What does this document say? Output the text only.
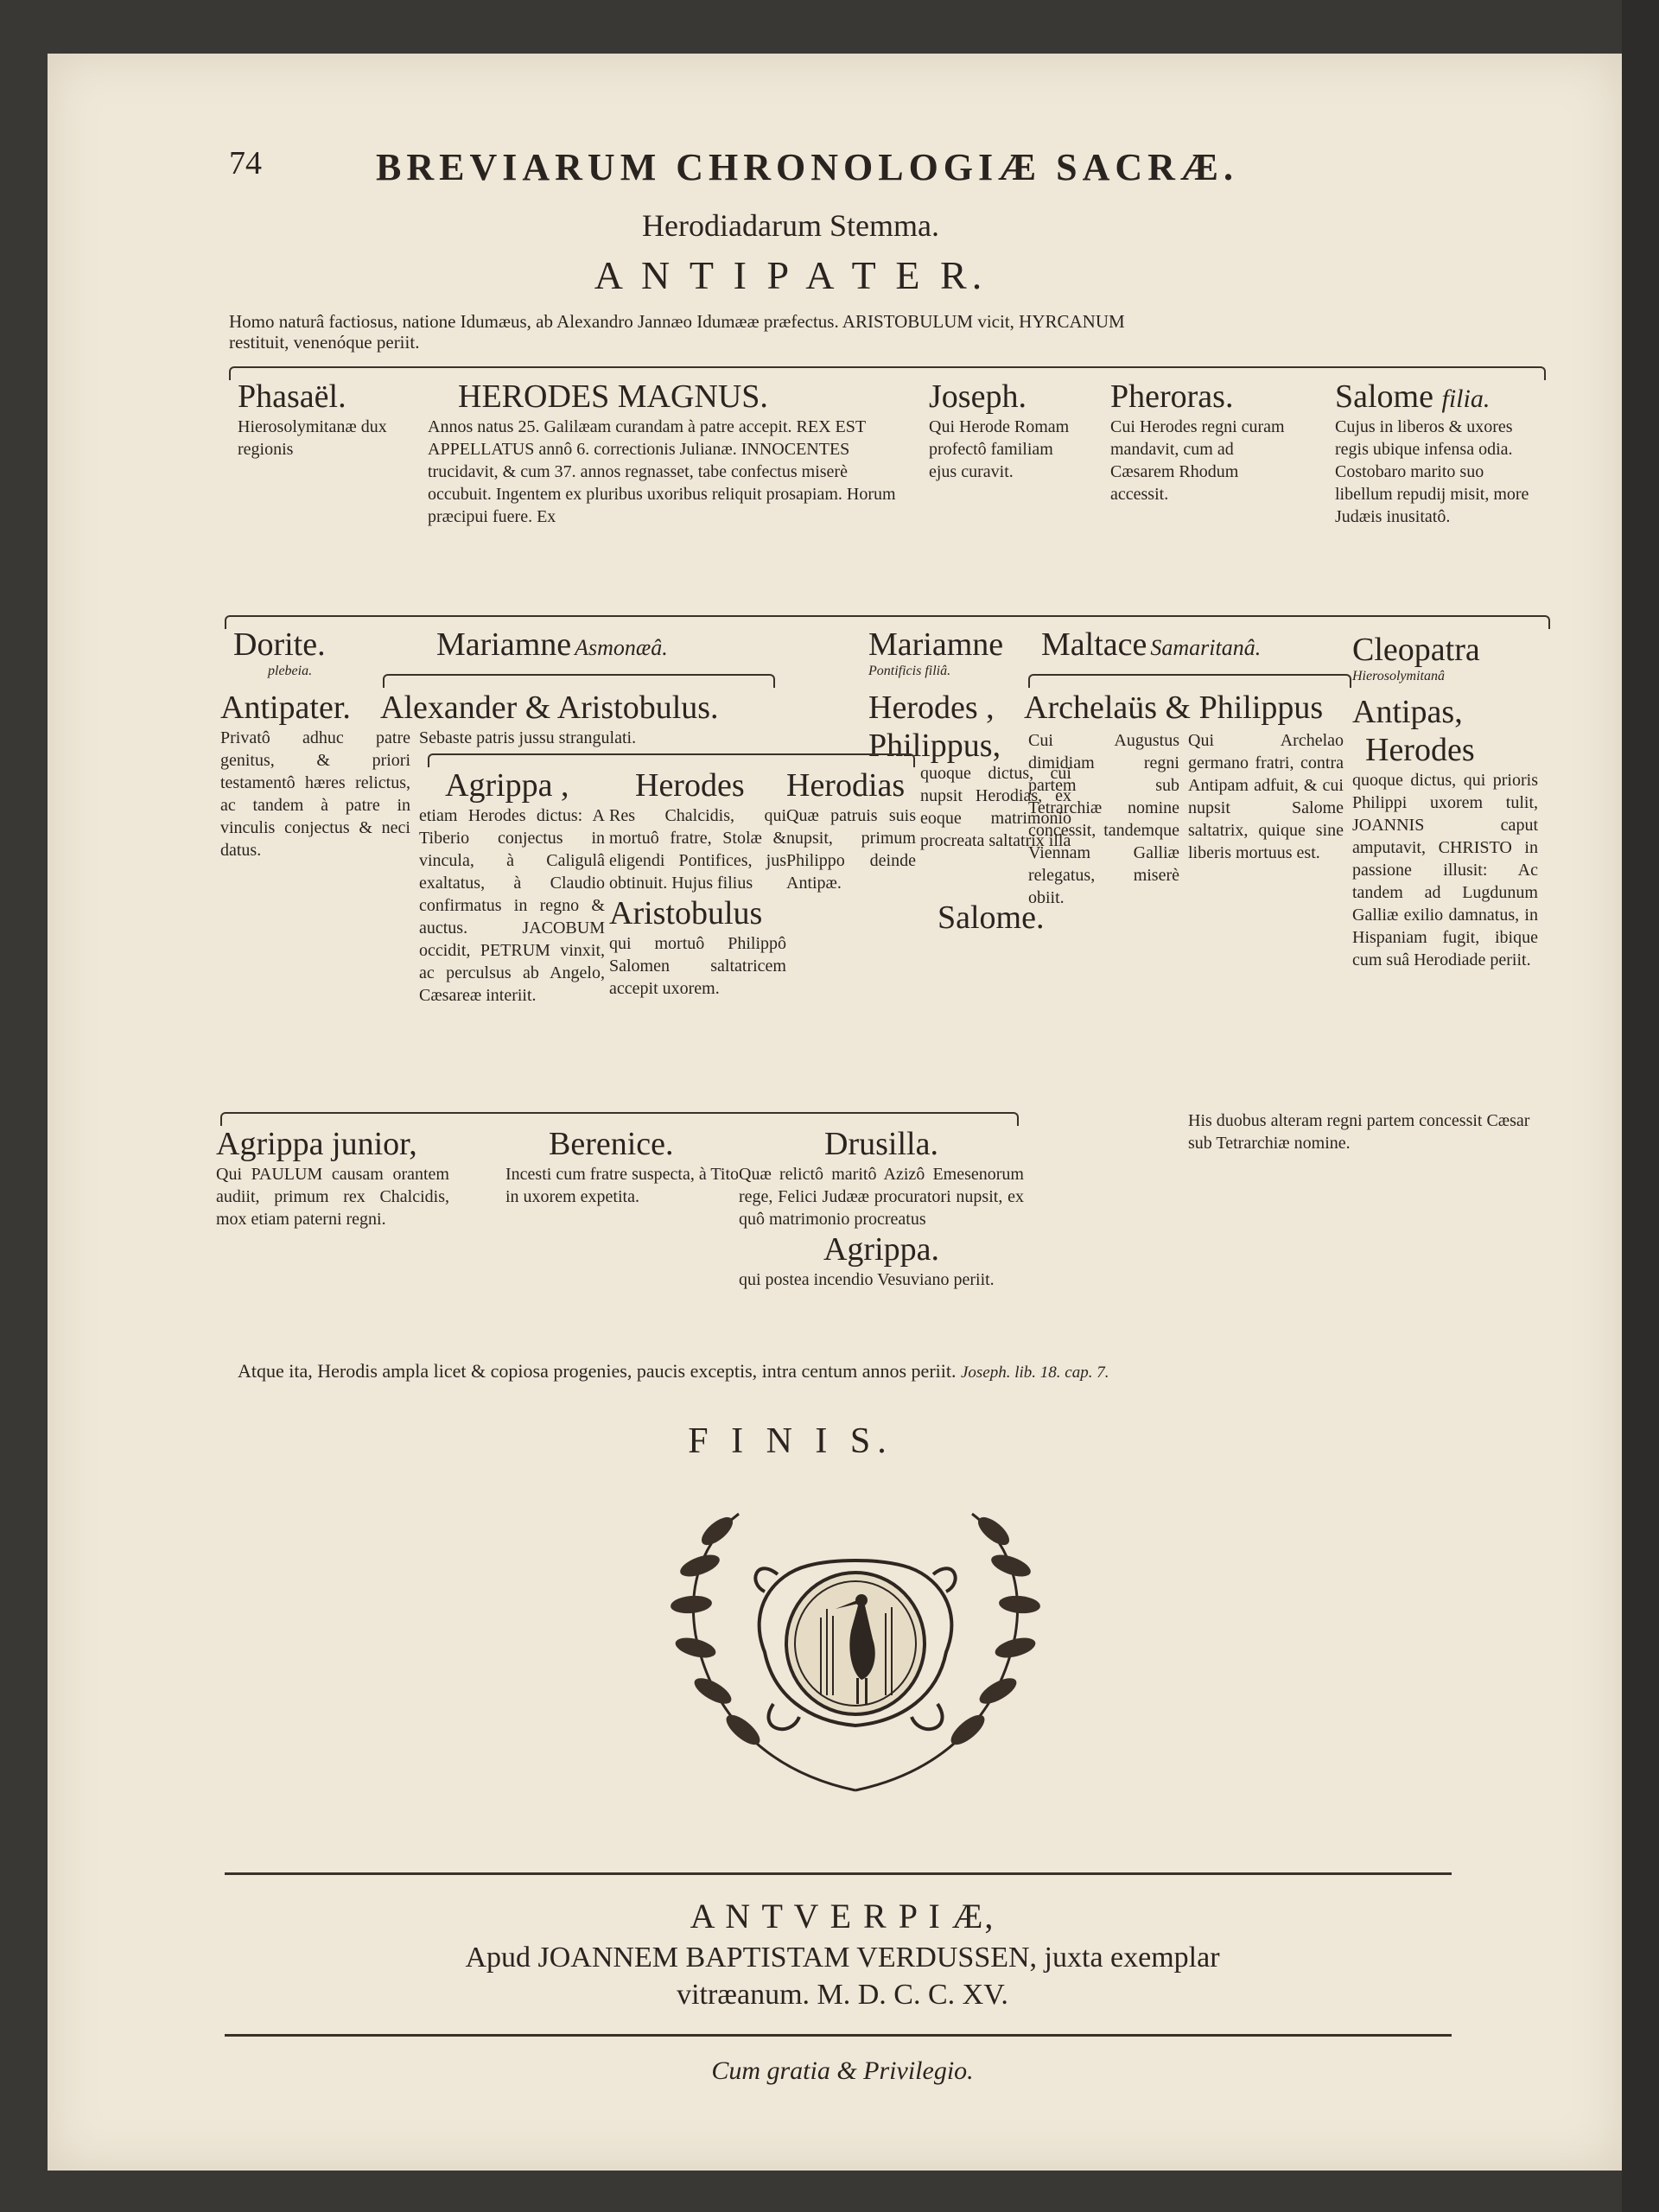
74	BREVIARUM CHRONOLOGIÆ SACRÆ.
Herodiadarum Stemma.
A N T I P A T E R.
Homo naturâ factiosus, natione Idumæus, ab Alexandro Jannæo Idumææ præfectus. ARISTOBULUM vicit, HYRCANUM
restituit, venenóque periit.
Phasaël.
Hierosolymitanæ dux regionis
HERODES MAGNUS.
Annos natus 25. Galilæam curandam à patre accepit. REX EST APPELLATUS annô 6. correctionis Julianæ. INNOCENTES trucidavit, & cum 37. annos regnasset, tabe confectus miserè occubuit. Ingentem ex pluribus uxoribus reliquit prosapiam. Horum præcipui fuere. Ex
Joseph.
Qui Herode Romam profectô familiam ejus curavit.
Pheroras.
Cui Herodes regni curam mandavit, cum ad Cæsarem Rhodum accessit.
Salome filia.
Cujus in liberos & uxores regis ubique infensa odia. Costobaro marito suo libellum repudij misit, more Judæis inusitatô.
Dorite.
plebeia.
Mariamne Asmonæâ.	Mariamne
Pontificis filiâ.
Maltace Samaritanâ.	Cleopatra
Hierosolymitanâ
Antipater.
Privatô adhuc patre genitus, & priori testamentô hæres relictus, ac tandem à patre in vinculis conjectus & neci datus.
Alexander & Aristobulus.
Sebaste patris jussu strangulati.
Herodes ,
Philippus,
quoque dictus, cui nupsit Herodias, ex eoque matrimonio procreata saltatrix illa
Salome.
Archelaüs & Philippus
Cui Augustus dimidiam regni partem sub Tetrarchiæ nomine concessit, tandemque Viennam Galliæ relegatus, miserè obiit.
Qui Archelao germano fratri, contra Antipam adfuit, & cui nupsit Salome saltatrix, quique sine liberis mortuus est.
Antipas,
Herodes
quoque dictus, qui prioris Philippi uxorem tulit, JOANNIS caput amputavit, CHRISTO in passione illusit: Ac tandem ad Lugdunum Galliæ exilio damnatus, in Hispaniam fugit, ibique cum suâ Herodiade periit.
His duobus alteram regni partem concessit Cæsar sub Tetrarchiæ nomine.
Agrippa ,
etiam Herodes dictus: A Tiberio conjectus in vincula, à Caligulâ exaltatus, à Claudio confirmatus in regno & auctus. JACOBUM occidit, PETRUM vinxit, ac perculsus ab Angelo, Cæsareæ interiit.
Herodes
Res Chalcidis, qui mortuô fratre, Stolæ & eligendi Pontifices, jus obtinuit. Hujus filius
Aristobulus
qui mortuô Philippô Salomen saltatricem accepit uxorem.
Herodias
Quæ patruis suis nupsit, primum Philippo deinde Antipæ.
Agrippa junior,
Qui PAULUM causam orantem audiit, primum rex Chalcidis, mox etiam paterni regni.
Berenice.
Incesti cum fratre suspecta, à Tito in uxorem expetita.
Drusilla.
Quæ relictô maritô Azizô Emesenorum rege, Felici Judææ procuratori nupsit, ex quô matrimonio procreatus
Agrippa.
qui postea incendio Vesuviano periit.
Atque ita, Herodis ampla licet & copiosa progenies, paucis exceptis, intra centum annos periit. Joseph. lib. 18. cap. 7.
F I N I S.
A N T V E R P I Æ,
Apud JOANNEM BAPTISTAM VERDUSSEN, juxta exemplar
vitræanum. M. D. C. C. XV.
Cum gratia & Privilegio.
